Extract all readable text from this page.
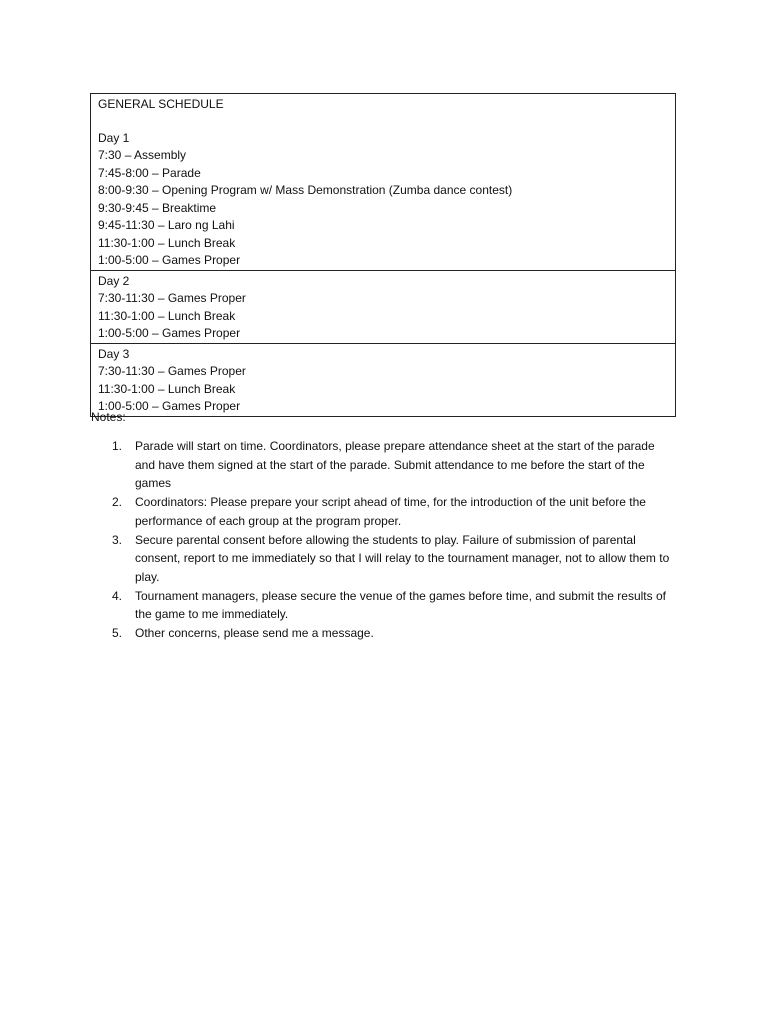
GENERAL SCHEDULE
Day 1
7:30 – Assembly
7:45-8:00 – Parade
8:00-9:30 – Opening Program w/ Mass Demonstration (Zumba dance contest)
9:30-9:45 – Breaktime
9:45-11:30 – Laro ng Lahi
11:30-1:00 – Lunch Break
1:00-5:00 – Games Proper
Day 2
7:30-11:30 – Games Proper
11:30-1:00 – Lunch Break
1:00-5:00 – Games Proper
Day 3
7:30-11:30 – Games Proper
11:30-1:00 – Lunch Break
1:00-5:00 – Games Proper
Notes:
1.	Parade will start on time. Coordinators, please prepare attendance sheet at the start of the parade and have them signed at the start of the parade. Submit attendance to me before the start of the games
2.	Coordinators: Please prepare your script ahead of time, for the introduction of the unit before the performance of each group at the program proper.
3.	Secure parental consent before allowing the students to play. Failure of submission of parental consent, report to me immediately so that I will relay to the tournament manager, not to allow them to play.
4.	Tournament managers, please secure the venue of the games before time, and submit the results of the game to me immediately.
5.	Other concerns, please send me a message.
